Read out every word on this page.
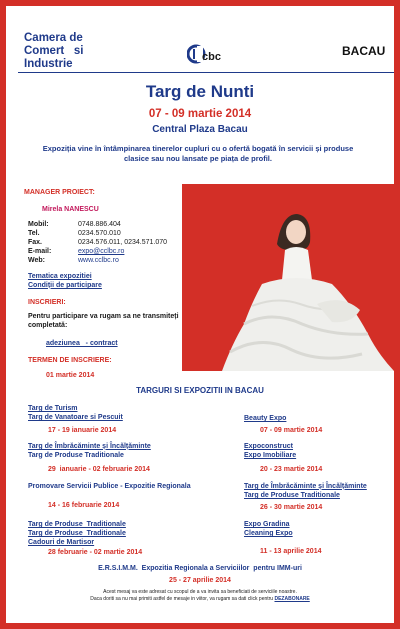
Camera de
Comert   si
Industrie
cbc	BACAU
Targ de Nunti
07 - 09 martie 2014
Central Plaza Bacau
Expoziția vine în întâmpinarea tinerelor cupluri cu o ofertă bogată în servicii și produse
clasice sau nou lansate pe piața de profil.
MANAGER PROIECT:
Mirela NANESCU
Mobil:	0748.886.404
Tel.	0234.570.010
Fax.	0234.576.011, 0234.571.070
E-mail:	expo@cclbc.ro
Web:	www.cclbc.ro
Tematica expozitiei
Condiții de participare
INSCRIERI:
Pentru participare va rugam sa ne transmiteți
completată:
adeziunea   - contract
TERMEN DE INSCRIERE:
01 martie 2014
TARGURI SI EXPOZITII IN BACAU
Targ de Turism
Targ de Vanatoare si Pescuit
17 - 19 ianuarie 2014
Targ de Îmbrăcăminte și Încălțăminte
Targ de Produse Traditionale
29  ianuarie - 02 februarie 2014
Promovare Servicii Publice - Expozitie Regionala
14 - 16 februarie 2014
Targ de Produse  Traditionale
Targ de Produse  Traditionale
Cadouri de Martisor
28 februarie - 02 martie 2014
Beauty Expo
07 - 09 martie 2014
Expoconstruct
Expo Imobiliare
20 - 23 martie 2014
Targ de Îmbrăcăminte și Încălțăminte
Targ de Produse Traditionale
26 - 30 martie 2014
Expo Gradina
Cleaning Expo
11 - 13 aprilie 2014
E.R.S.I.M.M.  Expozitia Regionala a Serviciilor  pentru IMM-uri
25 - 27 aprilie 2014
Acest mesaj va este adresat cu scopul de a va invita sa beneficiati de serviciile noastre.
Daca doriti sa nu mai primiti astfel de mesaje in viitor, va rugam sa dati click pentru DEZABONARE
